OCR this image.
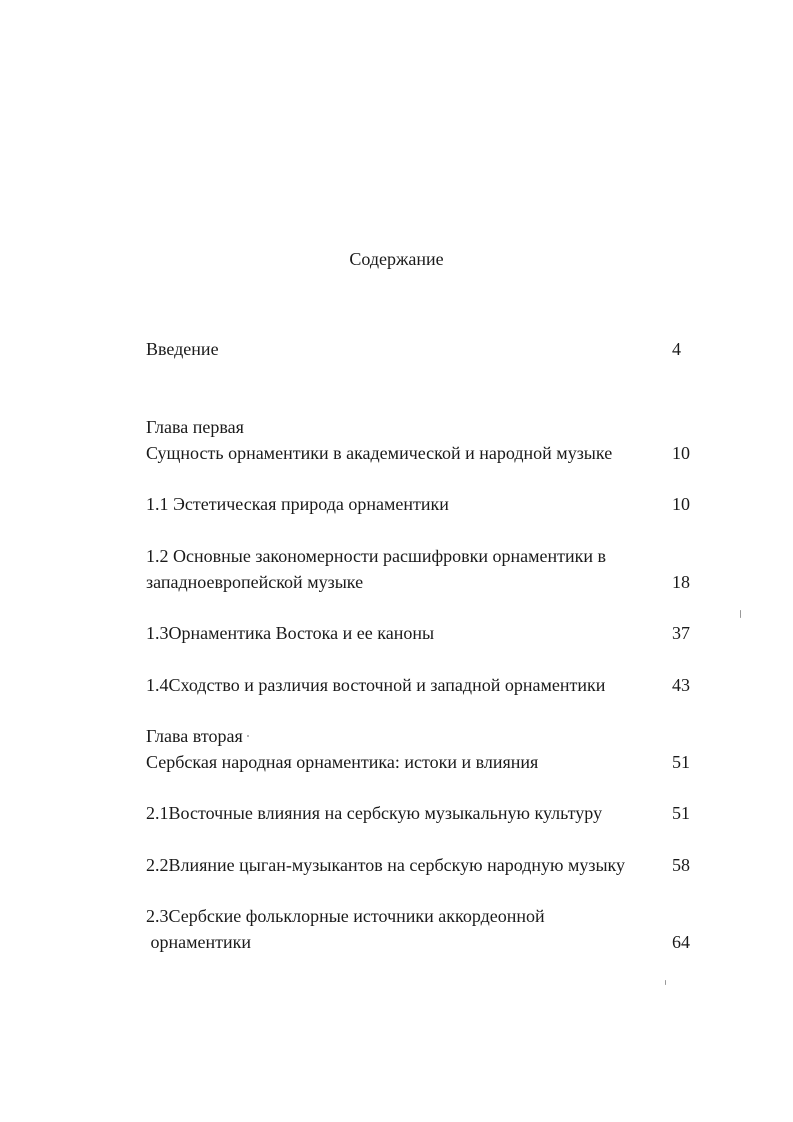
Содержание
Введение	4
Глава первая
Сущность орнаментики в академической и народной музыке	10
1.1 Эстетическая природа орнаментики	10
1.2 Основные закономерности расшифровки орнаментики в
западноевропейской музыке	18
1.3Орнаментика Востока и ее каноны	37
1.4Сходство и различия восточной и западной орнаментики	43
Глава вторая
Сербская народная орнаментика: истоки и влияния	51
2.1Восточные влияния на сербскую музыкальную культуру	51
2.2Влияние цыган-музыкантов на сербскую народную музыку	58
2.3Сербские фольклорные источники аккордеонной
орнаментики	64
